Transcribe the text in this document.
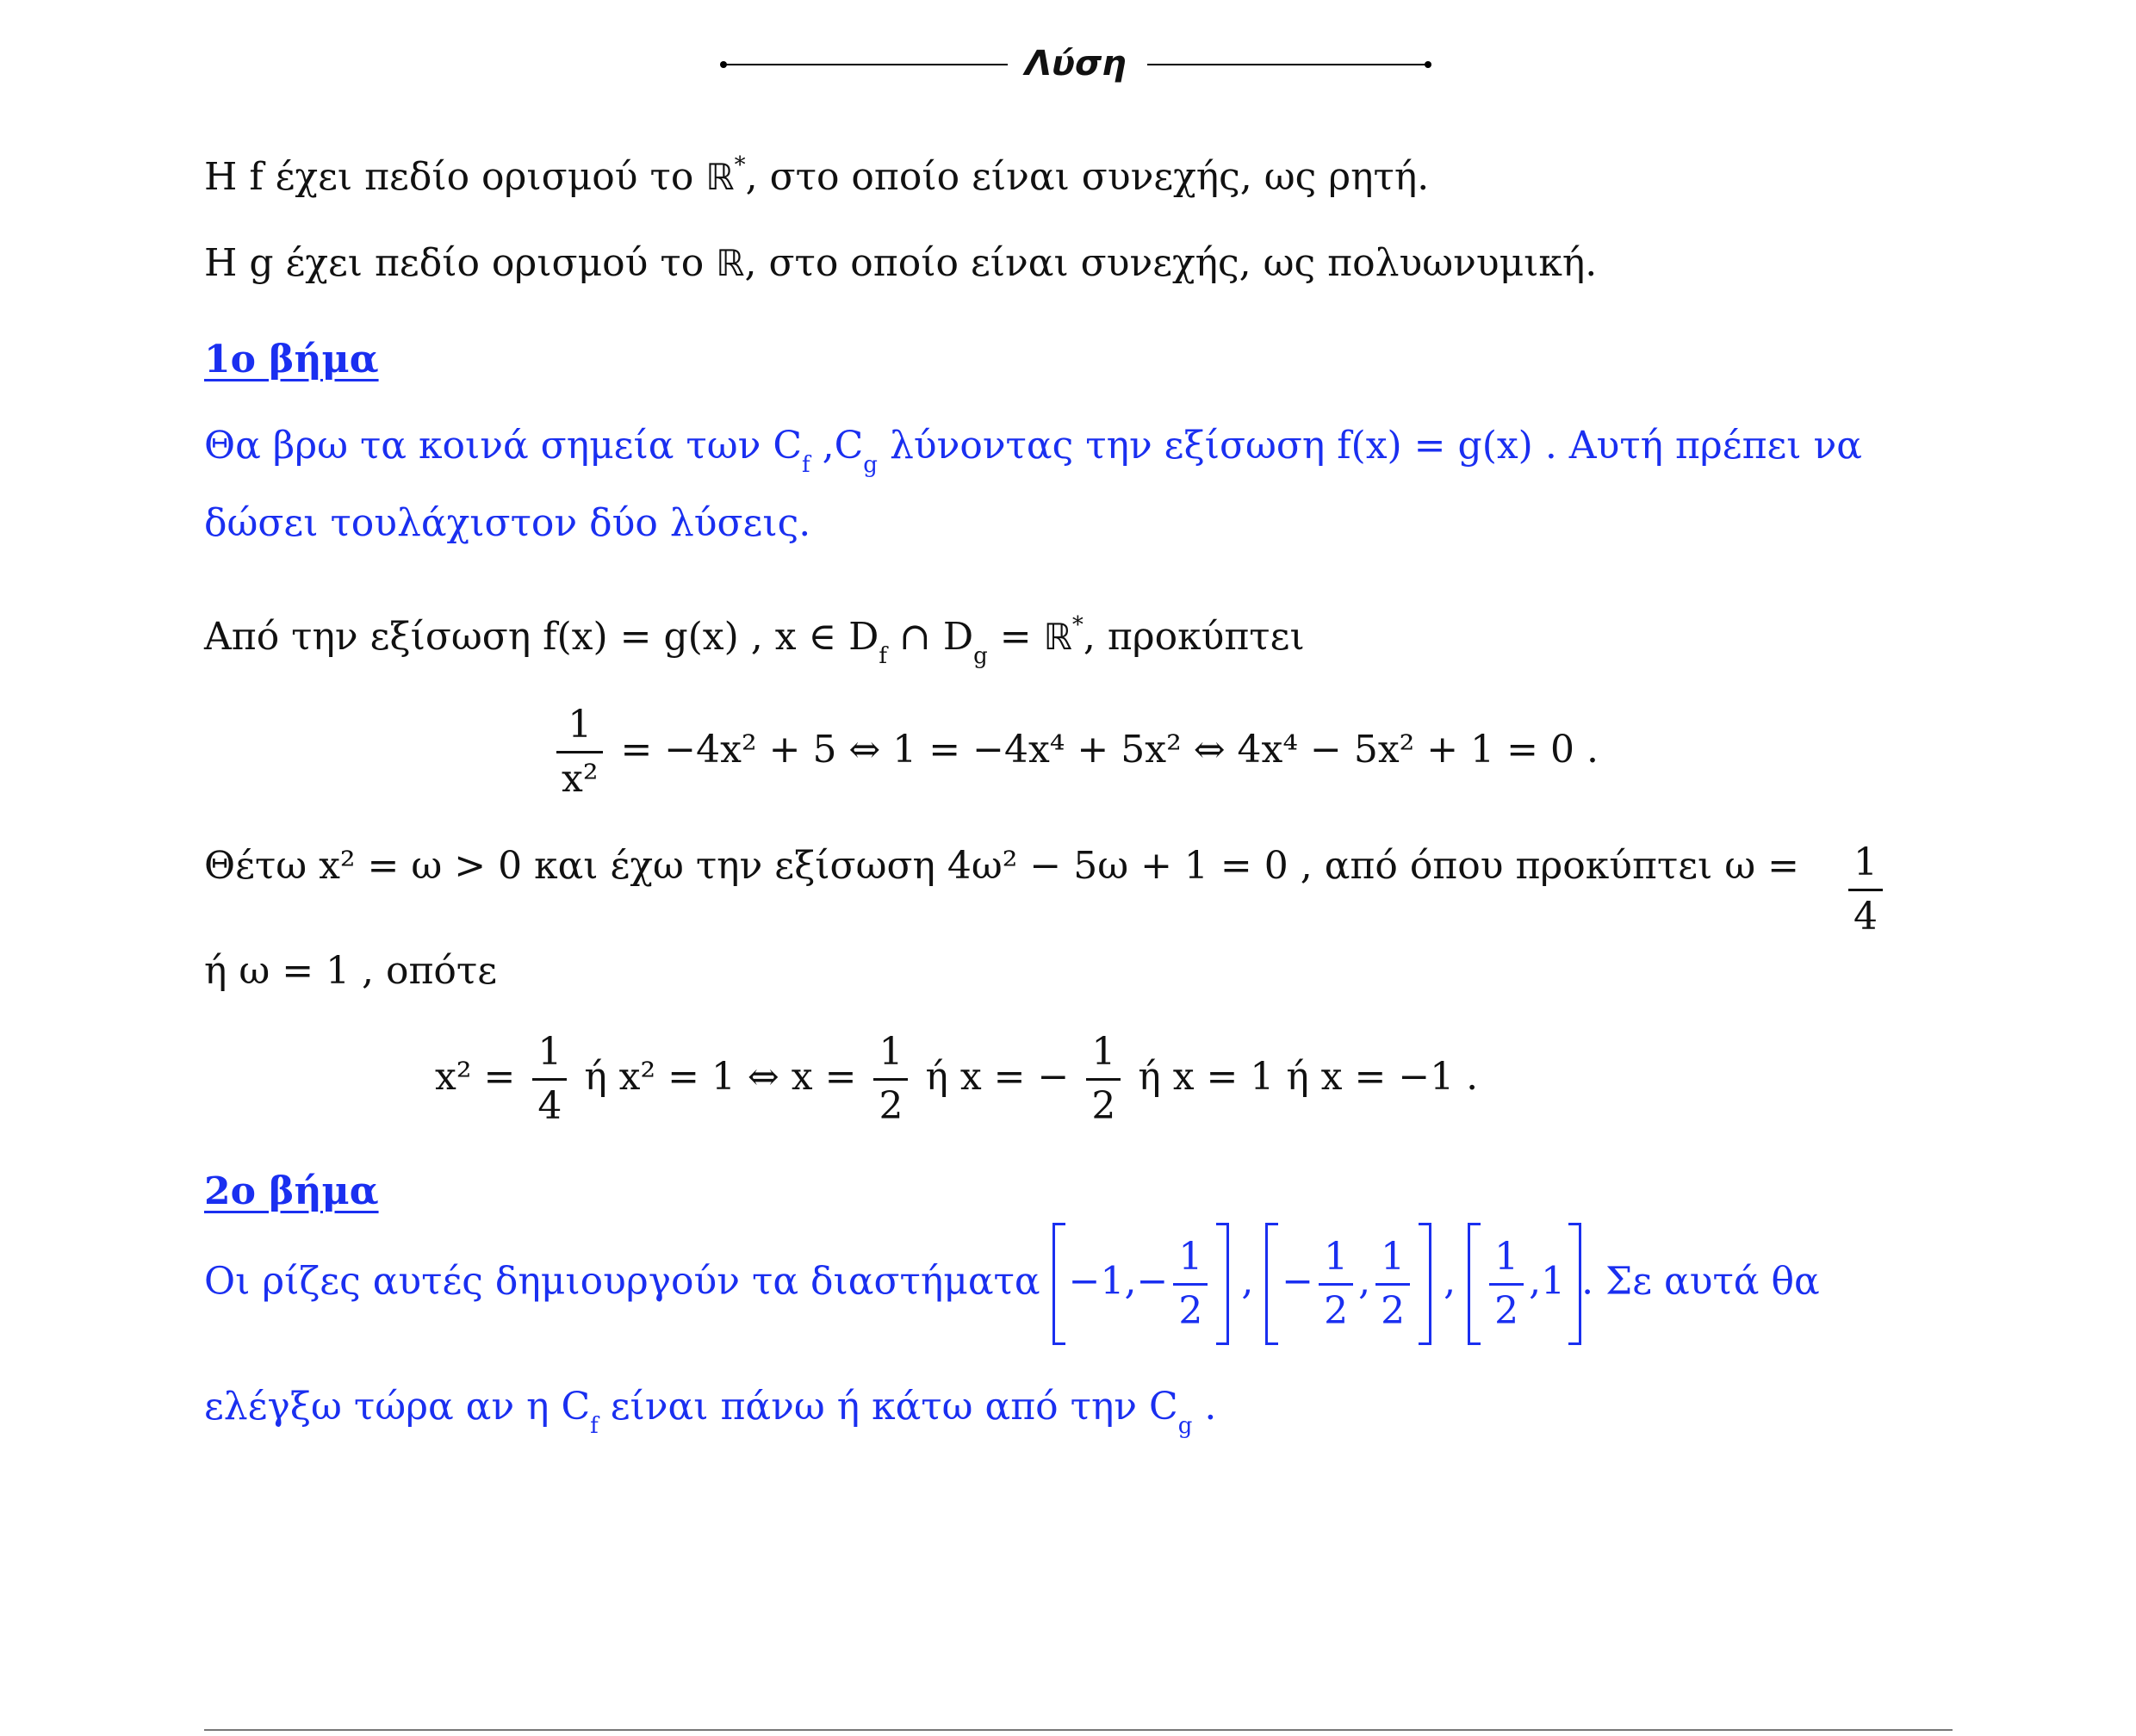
Λύση
Η f έχει πεδίο ορισμού το ℝ*, στο οποίο είναι συνεχής, ως ρητή.
Η g έχει πεδίο ορισμού το ℝ, στο οποίο είναι συνεχής, ως πολυωνυμική.
1ο βήμα
Θα βρω τα κοινά σημεία των $C_f$ $,C_g$ λύνοντας την εξίσωση f(x) = g(x) . Αυτή πρέπει να
δώσει τουλάχιστον δύο λύσεις.
Από την εξίσωση f(x) = g(x) , x ∈ $D_f$ ∩ $D_g$ = ℝ*, προκύπτει
$\frac{1}{\text{x²}} = -4x^2 + 5$ ⇔ 1 = −4x⁴ + 5x² ⇔ 4x⁴ − 5x² + 1 = 0 .
Θέτω x² = ω > 0 και έχω την εξίσωση 4ω² − 5ω + 1 = 0 , από όπου προκύπτει $\omega = \frac{1}{4}$
ή ω = 1 , οπότε
$x^2 = \frac{1}{4}$ ή x² = 1 ⇔ $x = \frac{1}{2}$ ή x = − $\frac{1}{2}$ ή x = 1 ή x = −1 .
2ο βήμα
Οι ρίζες αυτές δημιουργούν τα $\delta\iota\alpha\sigma\tau ή\mu\alpha\tau\alpha -1,- \frac{1}{2}$ , − $\frac{1}{2}$ , $\frac{1}{2}$ , $\frac{1}{2} ,1$ . Σε αυτά θα
ελέγξω τώρα αν η $C_f$ είναι πάνω ή κάτω από την $C_g$ .
